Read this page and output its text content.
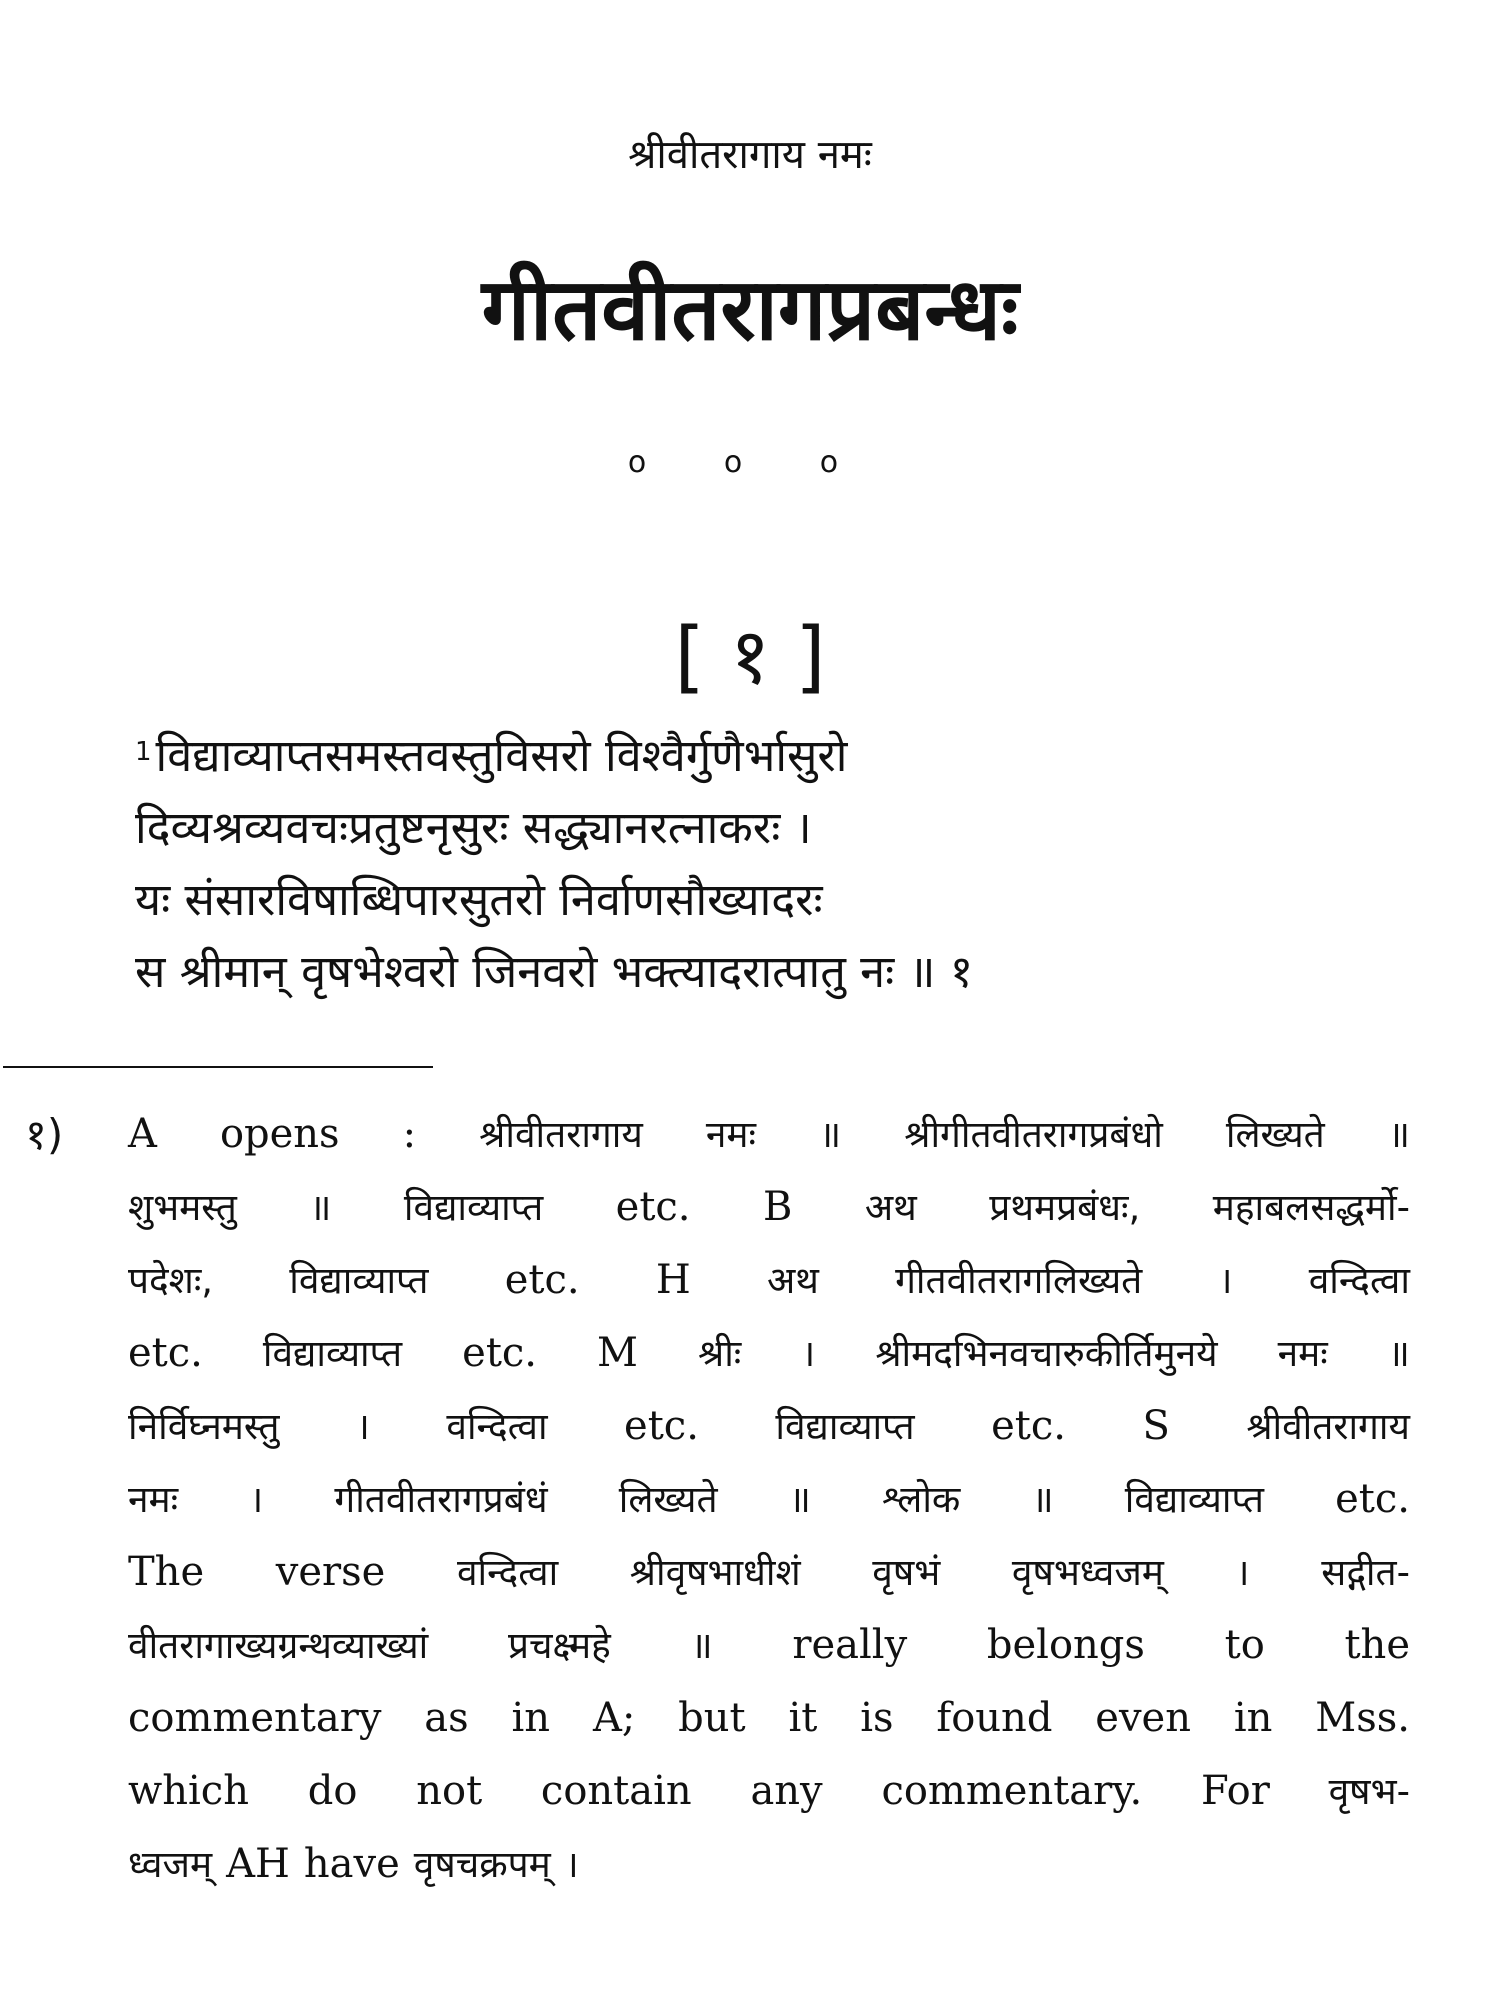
श्रीवीतरागाय नमः
गीतवीतरागप्रबन्धः
o o o
[ १ ]
$^1$विद्याव्याप्तसमस्तवस्तुविसरो विश्वैर्गुणैर्भासुरो
दिव्यश्रव्यवचःप्रतुष्टनृसुरः सद्ध्यानरत्नाकरः ।
यः संसारविषाब्धिपारसुतरो निर्वाणसौख्यादरः
स श्रीमान् वृषभेश्वरो जिनवरो भक्त्यादरात्पातु नः ॥ १
१) A opens : श्रीवीतरागाय नमः ॥ श्रीगीतवीतरागप्रबंधो लिख्यते ॥
शुभमस्तु ॥ विद्याव्याप्त etc. B अथ प्रथमप्रबंधः, महाबलसद्धर्मो-
पदेशः, विद्याव्याप्त etc. H अथ गीतवीतरागलिख्यते । वन्दित्वा
etc. विद्याव्याप्त etc. M श्रीः । श्रीमदभिनवचारुकीर्तिमुनये नमः ॥
निर्विघ्नमस्तु । वन्दित्वा etc. विद्याव्याप्त etc. S श्रीवीतरागाय
नमः । गीतवीतरागप्रबंधं लिख्यते ॥ श्लोक ॥ विद्याव्याप्त etc.
The verse वन्दित्वा श्रीवृषभाधीशं वृषभं वृषभध्वजम् । सद्गीत-
वीतरागाख्यग्रन्थव्याख्यां प्रचक्ष्महे ॥ really belongs to the
commentary as in A; but it is found even in Mss.
which do not contain any commentary. For वृषभ-
ध्वजम् AH have वृषचक्रपम् ।
